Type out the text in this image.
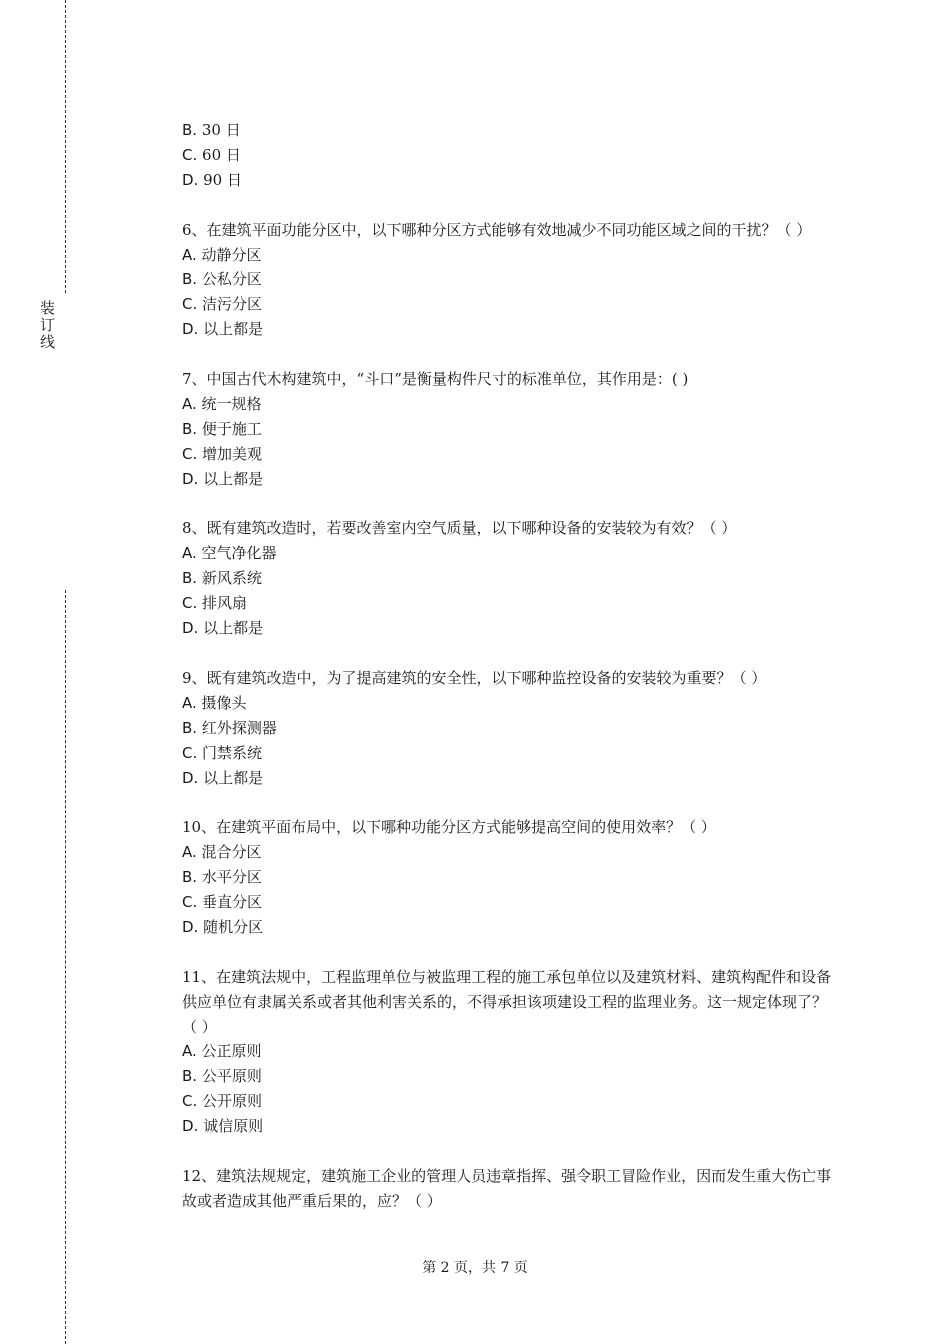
装订线

B. 30 日

C. 60 日

D. 90 日

6、在建筑平面功能分区中，以下哪种分区方式能够有效地减少不同功能区域之间的干扰？（ ）

A. 动静分区

B. 公私分区

C. 洁污分区

D. 以上都是

7、中国古代木构建筑中，“斗口”是衡量构件尺寸的标准单位，其作用是：( )

A. 统一规格

B. 便于施工

C. 增加美观

D. 以上都是

8、既有建筑改造时，若要改善室内空气质量，以下哪种设备的安装较为有效？（ ）

A. 空气净化器

B. 新风系统

C. 排风扇

D. 以上都是

9、既有建筑改造中，为了提高建筑的安全性，以下哪种监控设备的安装较为重要？（ ）

A. 摄像头

B. 红外探测器

C. 门禁系统

D. 以上都是

10、在建筑平面布局中，以下哪种功能分区方式能够提高空间的使用效率？（ ）

A. 混合分区

B. 水平分区

C. 垂直分区

D. 随机分区

11、在建筑法规中，工程监理单位与被监理工程的施工承包单位以及建筑材料、建筑构配件和设备供应单位有隶属关系或者其他利害关系的，不得承担该项建设工程的监理业务。这一规定体现了？（ ）

A. 公正原则

B. 公平原则

C. 公开原则

D. 诚信原则

12、建筑法规规定，建筑施工企业的管理人员违章指挥、强令职工冒险作业，因而发生重大伤亡事故或者造成其他严重后果的，应？（ ）

第 2 页，共 7 页
